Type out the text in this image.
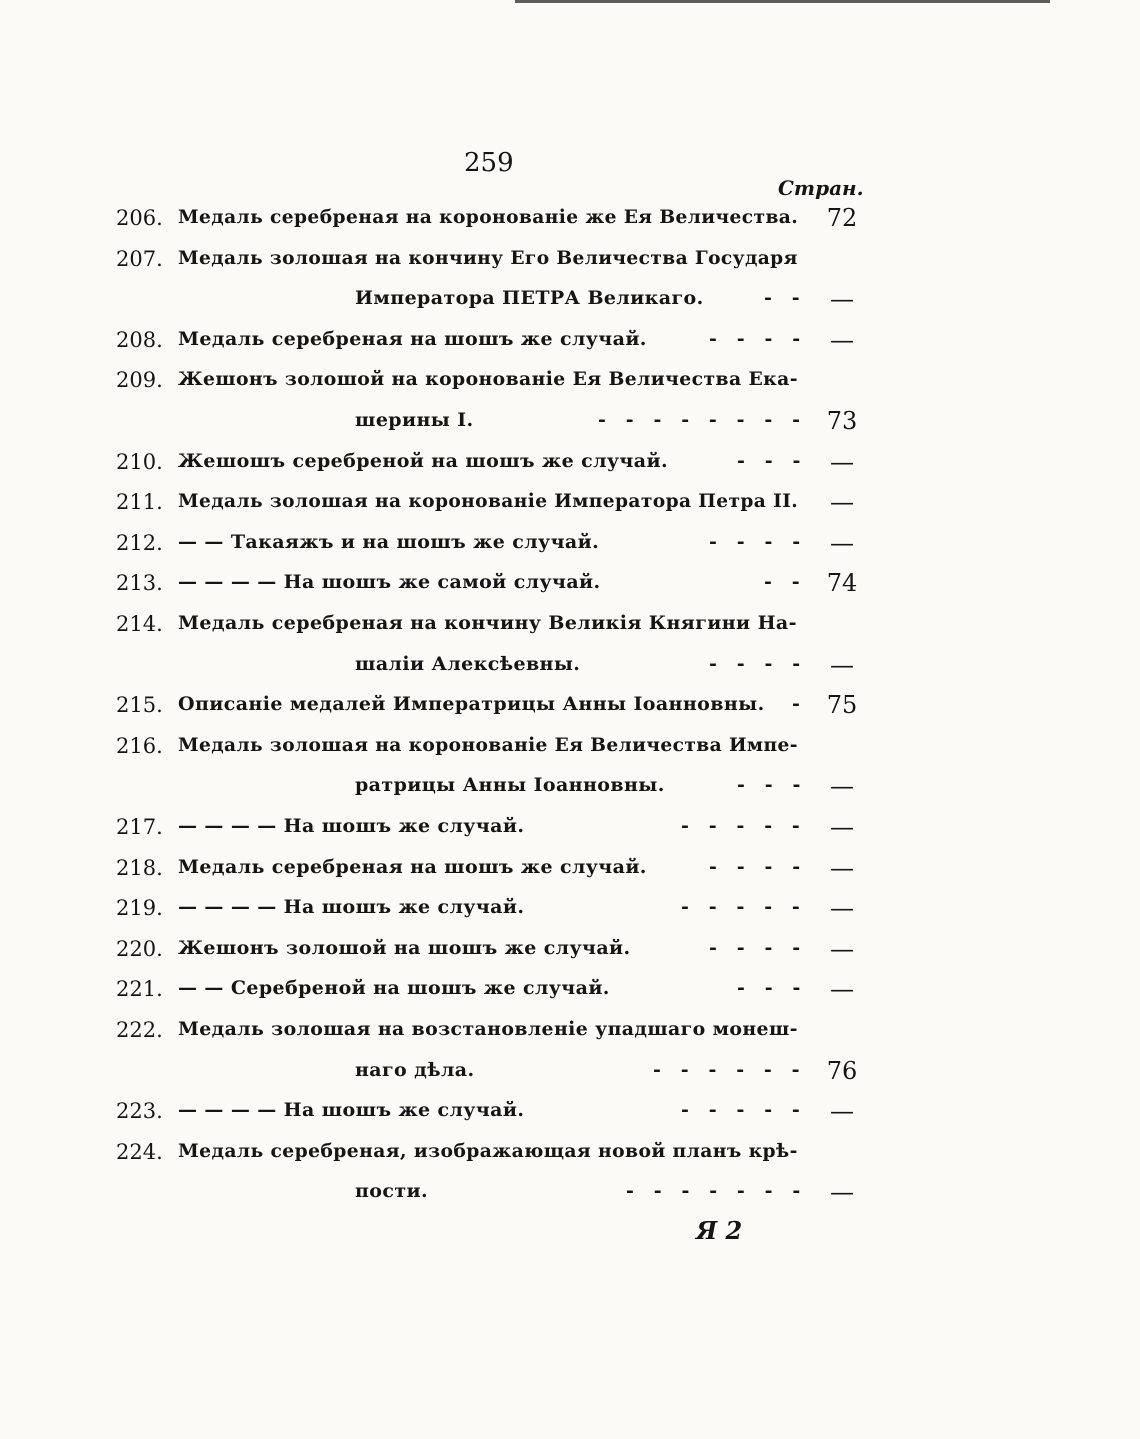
259
Стран.
206. Медаль серебреная на коронованіе же Ея Величества. 72
207. Медаль золошая на кончину Его Величества Государя
Императора ПЕТРА Великаго.	-   - —
208. Медаль серебреная на шошъ же случай.	-   -   -   - —
209. Жешонъ золошой на коронованіе Ея Величества Ека-
шерины I.	-   -   -   -   -   -   -   - 73
210. Жешошъ серебреной на шошъ же случай.	-   -   - —
211. Медаль золошая на коронованіе Императора Петра II. —
212. — — Такаяжъ и на шошъ же случай.	-   -   -   - —
213. — — — — На шошъ же самой случай.	-   - 74
214. Медаль серебреная на кончину Великія Княгини На-
шаліи Алексѣевны.	-   -   -   - —
215. Описаніе медалей Императрицы Анны Іоанновны. - 75
216. Медаль золошая на коронованіе Ея Величества Импе-
ратрицы Анны Іоанновны.	-   -   - —
217. — — — — На шошъ же случай.	-   -   -   -   - —
218. Медаль серебреная на шошъ же случай.	-   -   -   - —
219. — — — — На шошъ же случай.	-   -   -   -   - —
220. Жешонъ золошой на шошъ же случай.	-   -   -   - —
221. — — Серебреной на шошъ же случай.	-   -   - —
222. Медаль золошая на возстановленіе упадшаго монеш-
наго дѣла.	-   -   -   -   -   - 76
223. — — — — На шошъ же случай.	-   -   -   -   - —
224. Медаль серебреная, изображающая новой планъ крѣ-
пости.	-   -   -   -   -   -   - —
Я 2
